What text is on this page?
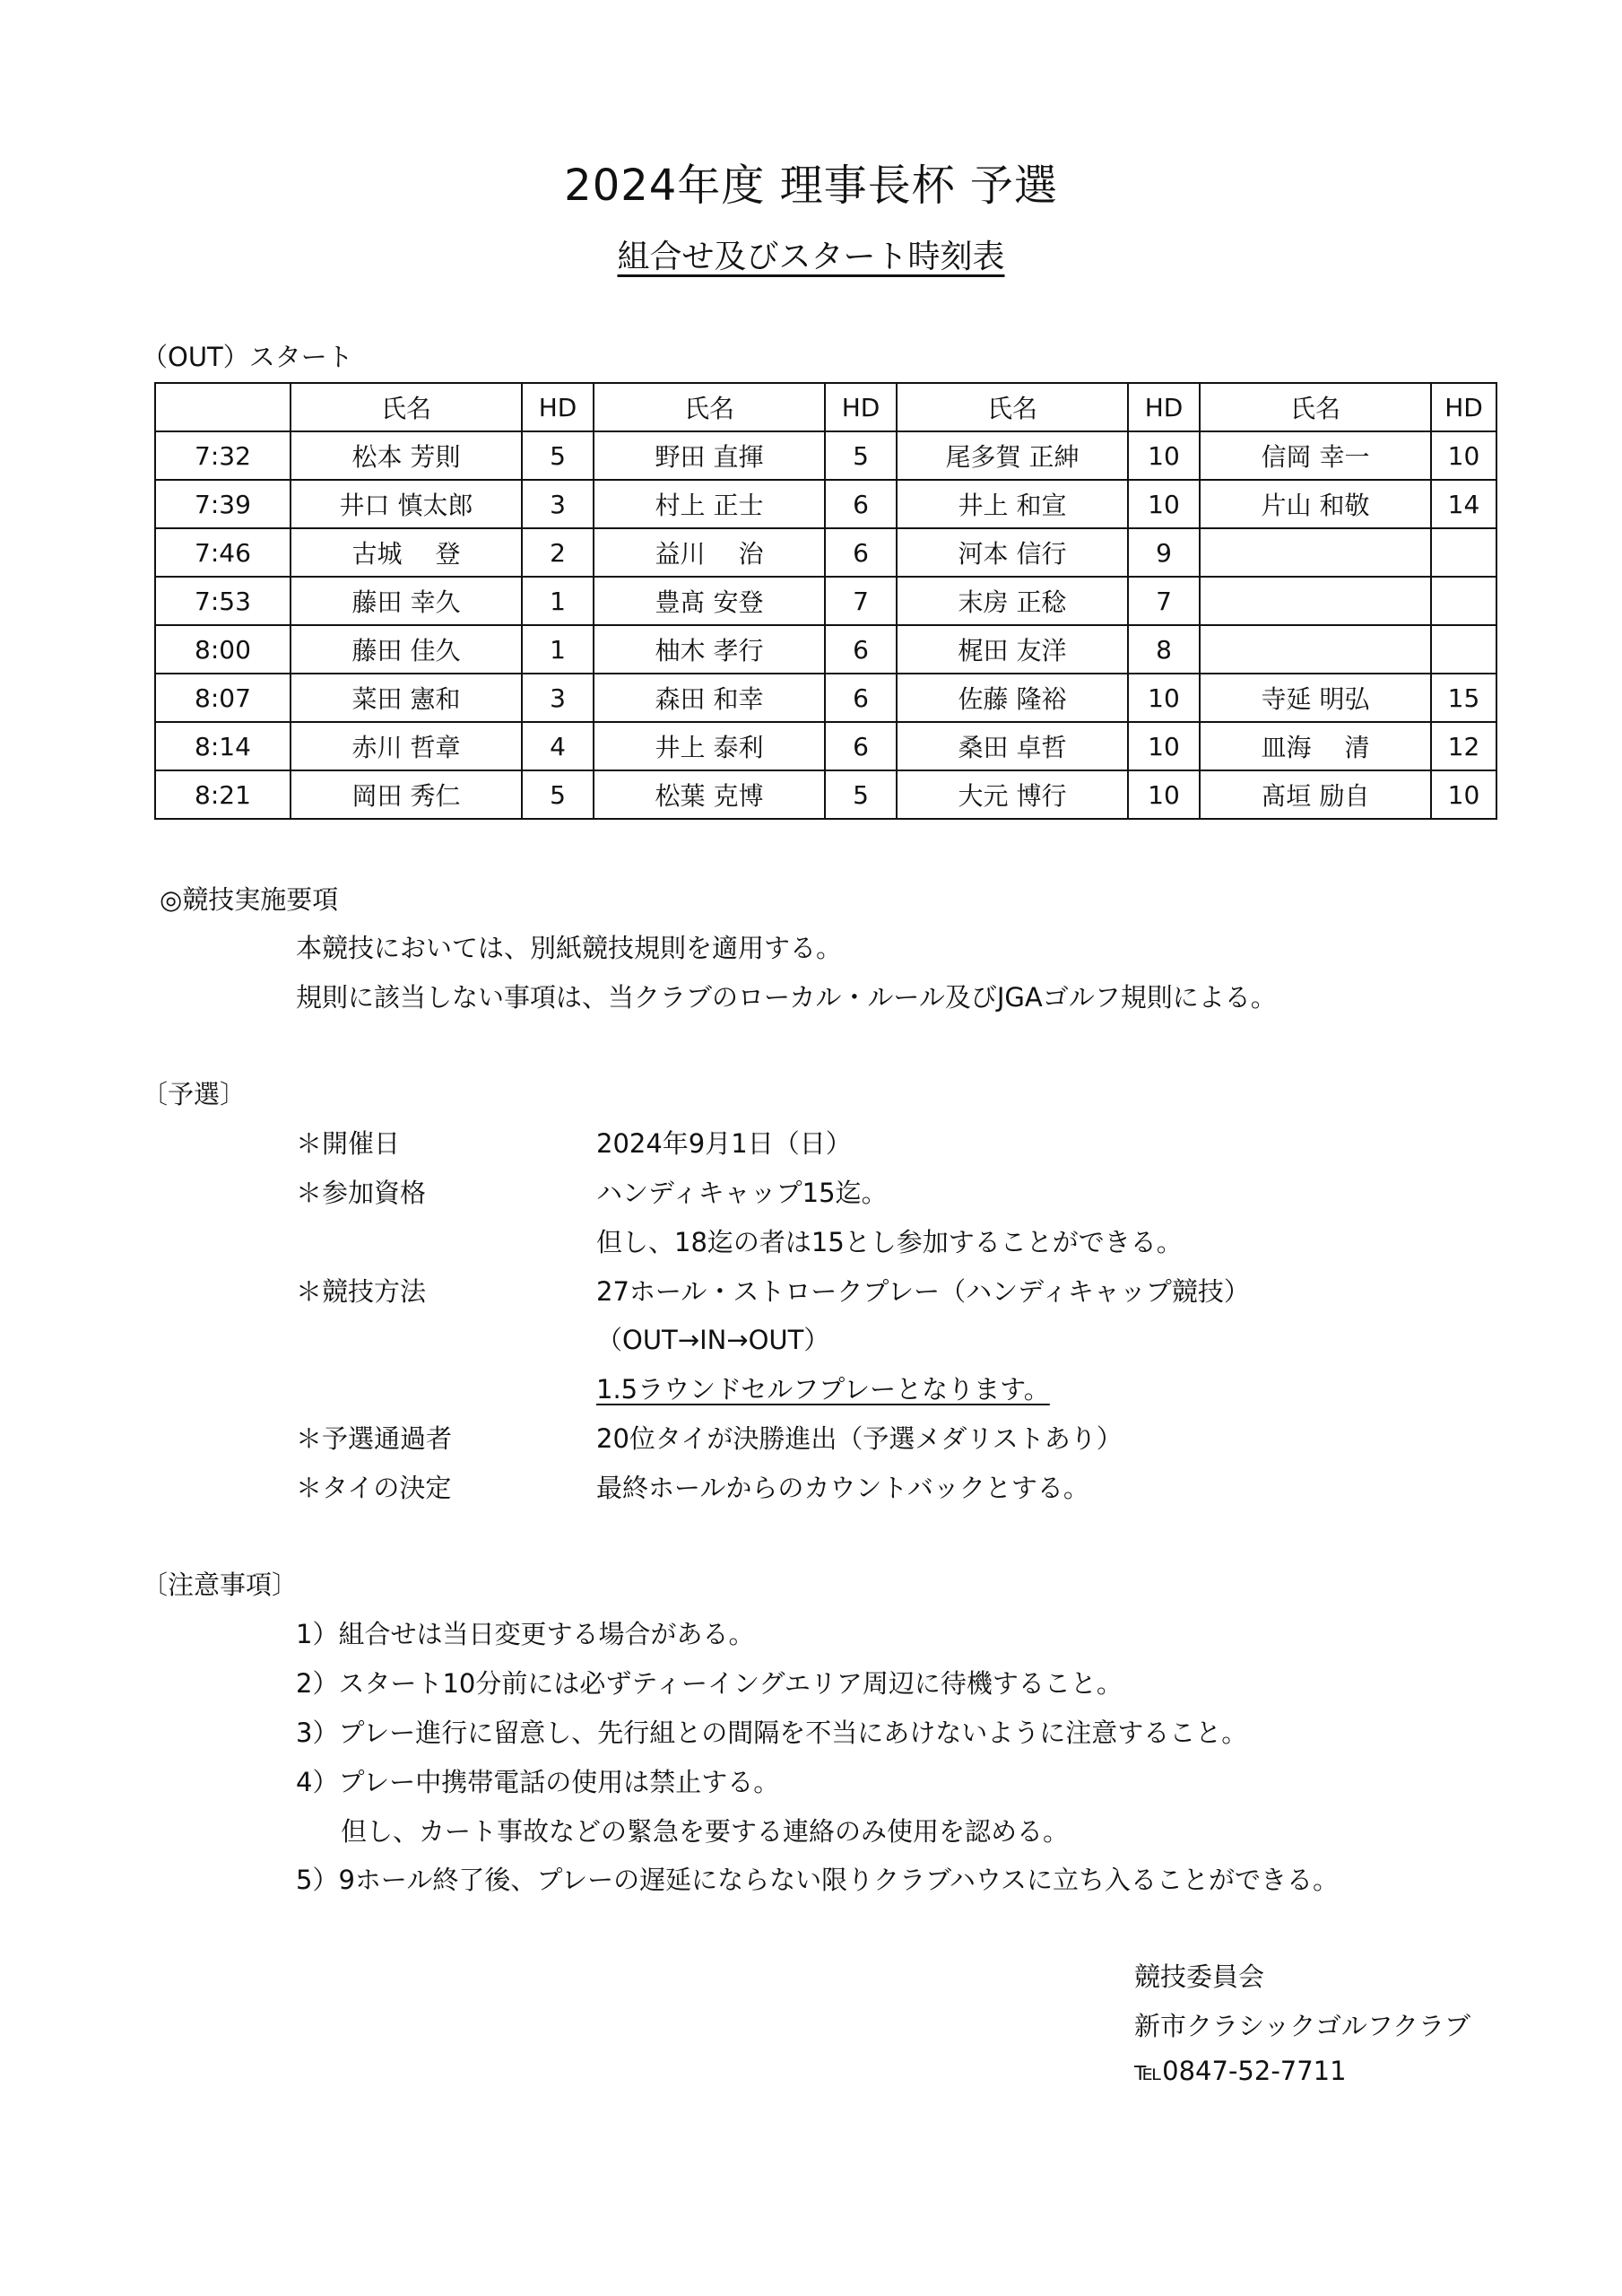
2024年度 理事長杯 予選
組合せ及びスタート時刻表
（OUT）スタート
	氏名	HD	氏名	HD	氏名	HD	氏名	HD
7:32	松本 芳則	5	野田 直揮	5	尾多賀 正紳	10	信岡 幸一	10
7:39	井口 慎太郎	3	村上 正士	6	井上 和宣	10	片山 和敬	14
7:46	古城　 登	2	益川　 治	6	河本 信行	9		
7:53	藤田 幸久	1	豊髙 安登	7	末房 正稔	7		
8:00	藤田 佳久	1	柚木 孝行	6	梶田 友洋	8		
8:07	菜田 憲和	3	森田 和幸	6	佐藤 隆裕	10	寺延 明弘	15
8:14	赤川 哲章	4	井上 泰利	6	桑田 卓哲	10	皿海　 清	12
8:21	岡田 秀仁	5	松葉 克博	5	大元 博行	10	髙垣 励自	10
◎競技実施要項
本競技においては、別紙競技規則を適用する。
規則に該当しない事項は、当クラブのローカル・ルール及びJGAゴルフ規則による。
〔予選〕
＊開催日	2024年9月1日（日）
＊参加資格	ハンディキャップ15迄。
但し、18迄の者は15とし参加することができる。
＊競技方法	27ホール・ストロークプレー（ハンディキャップ競技）
（OUT→IN→OUT）
1.5ラウンドセルフプレーとなります。
＊予選通過者	20位タイが決勝進出（予選メダリストあり）
＊タイの決定	最終ホールからのカウントバックとする。
〔注意事項〕
1）組合せは当日変更する場合がある。
2）スタート10分前には必ずティーイングエリア周辺に待機すること。
3）プレー進行に留意し、先行組との間隔を不当にあけないように注意すること。
4）プレー中携帯電話の使用は禁止する。
但し、カート事故などの緊急を要する連絡のみ使用を認める。
5）9ホール終了後、プレーの遅延にならない限りクラブハウスに立ち入ることができる。
競技委員会
新市クラシックゴルフクラブ
℡0847-52-7711
